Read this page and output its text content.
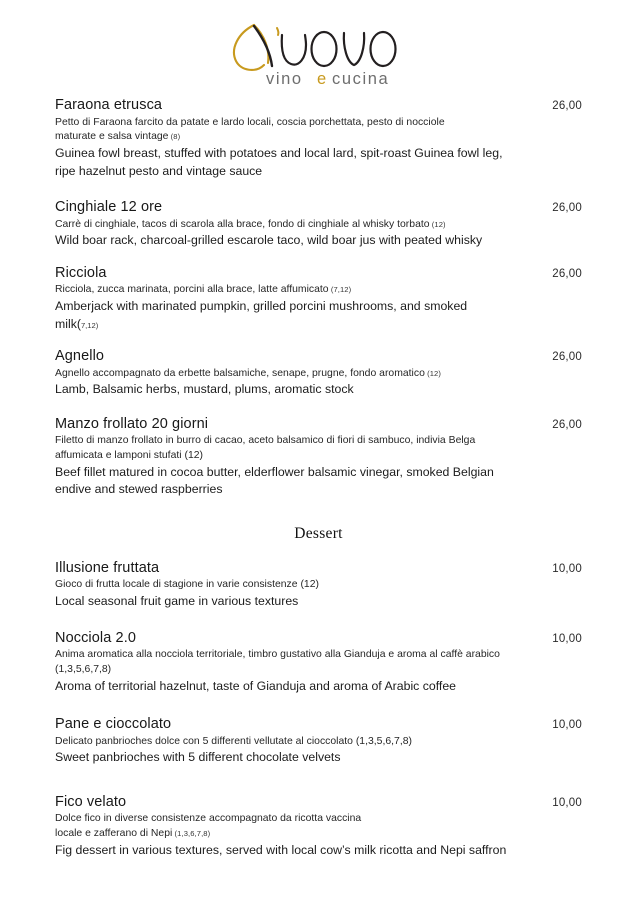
vino e cucina
Faraona etrusca	26,00
Petto di Faraona farcito da patate e lardo locali, coscia porchettata, pesto di nocciole
maturate e salsa vintage (8)
Guinea fowl breast, stuffed with potatoes and local lard, spit-roast Guinea fowl leg,
ripe hazelnut pesto and vintage sauce
Cinghiale 12 ore	26,00
Carrè di cinghiale, tacos di scarola alla brace, fondo di cinghiale al whisky torbato (12)
Wild boar rack, charcoal-grilled escarole taco, wild boar jus with peated whisky
Ricciola	26,00
Ricciola, zucca marinata, porcini alla brace, latte affumicato (7,12)
Amberjack with marinated pumpkin, grilled porcini mushrooms, and smoked
milk(7,12)
Agnello	26,00
Agnello accompagnato da erbette balsamiche, senape, prugne, fondo aromatico (12)
Lamb, Balsamic herbs, mustard, plums, aromatic stock
Manzo frollato 20 giorni	26,00
Filetto di manzo frollato in burro di cacao, aceto balsamico di fiori di sambuco, indivia Belga
affumicata e lamponi stufati (12)
Beef fillet matured in cocoa butter, elderflower balsamic vinegar, smoked Belgian
endive and stewed raspberries
Dessert
Illusione fruttata	10,00
Gioco di frutta locale di stagione in varie consistenze (12)
Local seasonal fruit game in various textures
Nocciola 2.0	10,00
Anima aromatica alla nocciola territoriale, timbro gustativo alla Gianduja e aroma al caffè arabico
(1,3,5,6,7,8)
Aroma of territorial hazelnut, taste of Gianduja and aroma of Arabic coffee
Pane e cioccolato	10,00
Delicato panbrioches dolce con 5 differenti vellutate al cioccolato (1,3,5,6,7,8)
Sweet panbrioches with 5 different chocolate velvets
Fico velato	10,00
Dolce fico in diverse consistenze accompagnato da ricotta vaccina
locale e zafferano di Nepi (1,3,6,7,8)
Fig dessert in various textures, served with local cow’s milk ricotta and Nepi saffron
